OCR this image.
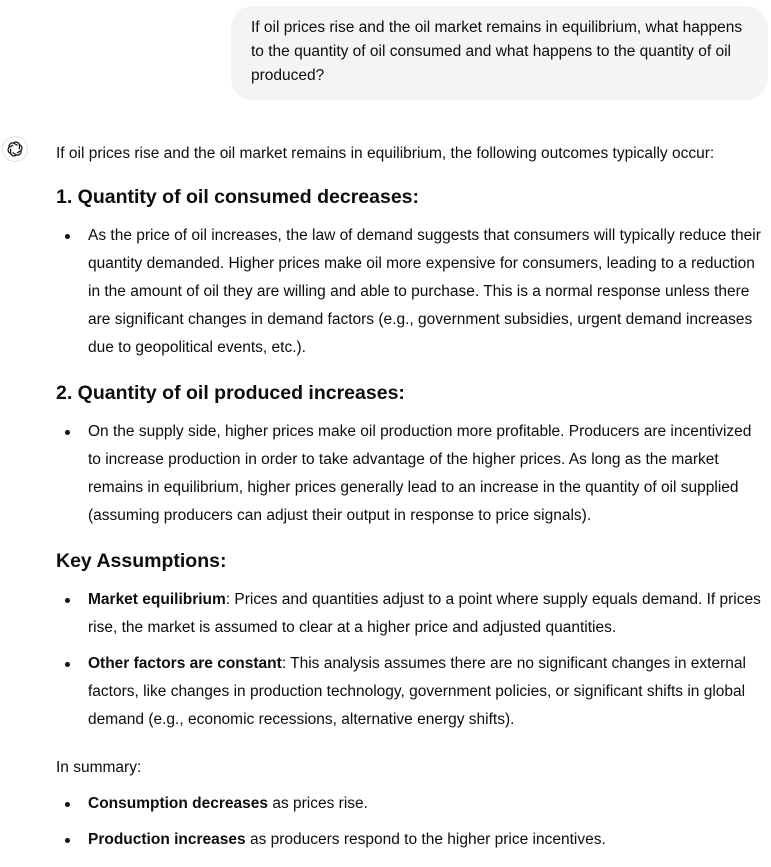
If oil prices rise and the oil market remains in equilibrium, what happens to the quantity of oil consumed and what happens to the quantity of oil produced?

If oil prices rise and the oil market remains in equilibrium, the following outcomes typically occur:

1. Quantity of oil consumed decreases:
As the price of oil increases, the law of demand suggests that consumers will typically reduce their quantity demanded. Higher prices make oil more expensive for consumers, leading to a reduction in the amount of oil they are willing and able to purchase. This is a normal response unless there are significant changes in demand factors (e.g., government subsidies, urgent demand increases due to geopolitical events, etc.).
2. Quantity of oil produced increases:
On the supply side, higher prices make oil production more profitable. Producers are incentivized to increase production in order to take advantage of the higher prices. As long as the market remains in equilibrium, higher prices generally lead to an increase in the quantity of oil supplied (assuming producers can adjust their output in response to price signals).
Key Assumptions:
Market equilibrium: Prices and quantities adjust to a point where supply equals demand. If prices rise, the market is assumed to clear at a higher price and adjusted quantities.
Other factors are constant: This analysis assumes there are no significant changes in external factors, like changes in production technology, government policies, or significant shifts in global demand (e.g., economic recessions, alternative energy shifts).

In summary:

Consumption decreases as prices rise.
Production increases as producers respond to the higher price incentives.
